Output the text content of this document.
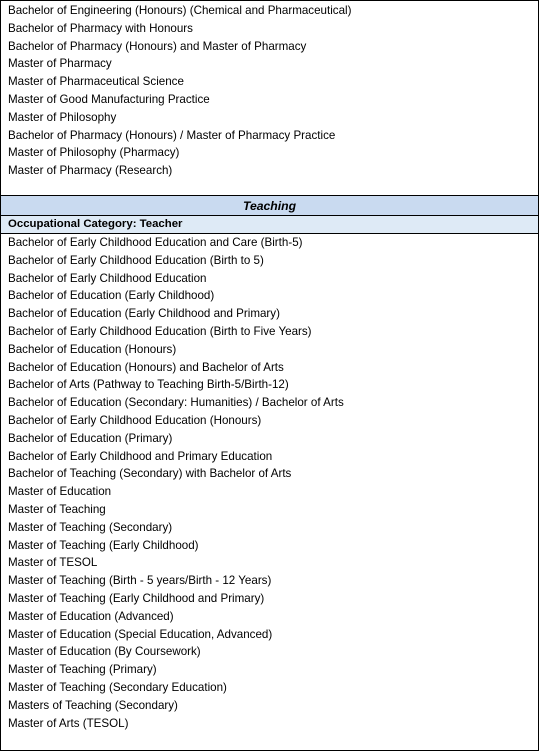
Bachelor of Engineering (Honours) (Chemical and Pharmaceutical)
Bachelor of Pharmacy with Honours
Bachelor of Pharmacy (Honours) and Master of Pharmacy
Master of Pharmacy
Master of Pharmaceutical Science
Master of Good Manufacturing Practice
Master of Philosophy
Bachelor of Pharmacy (Honours) / Master of Pharmacy Practice
Master of Philosophy (Pharmacy)
Master of Pharmacy (Research)
Teaching
Occupational Category: Teacher
Bachelor of Early Childhood Education and Care (Birth-5)
Bachelor of Early Childhood Education (Birth to 5)
Bachelor of Early Childhood Education
Bachelor of Education (Early Childhood)
Bachelor of Education (Early Childhood and Primary)
Bachelor of Early Childhood Education (Birth to Five Years)
Bachelor of Education (Honours)
Bachelor of Education (Honours) and Bachelor of Arts
Bachelor of Arts (Pathway to Teaching Birth-5/Birth-12)
Bachelor of Education (Secondary: Humanities) / Bachelor of Arts
Bachelor of Early Childhood Education (Honours)
Bachelor of Education (Primary)
Bachelor of Early Childhood and Primary Education
Bachelor of Teaching (Secondary) with Bachelor of Arts
Master of Education
Master of Teaching
Master of Teaching (Secondary)
Master of Teaching (Early Childhood)
Master of TESOL
Master of Teaching (Birth - 5 years/Birth - 12 Years)
Master of Teaching (Early Childhood and Primary)
Master of Education (Advanced)
Master of Education (Special Education, Advanced)
Master of Education (By Coursework)
Master of Teaching (Primary)
Master of Teaching (Secondary Education)
Masters of Teaching (Secondary)
Master of Arts (TESOL)
